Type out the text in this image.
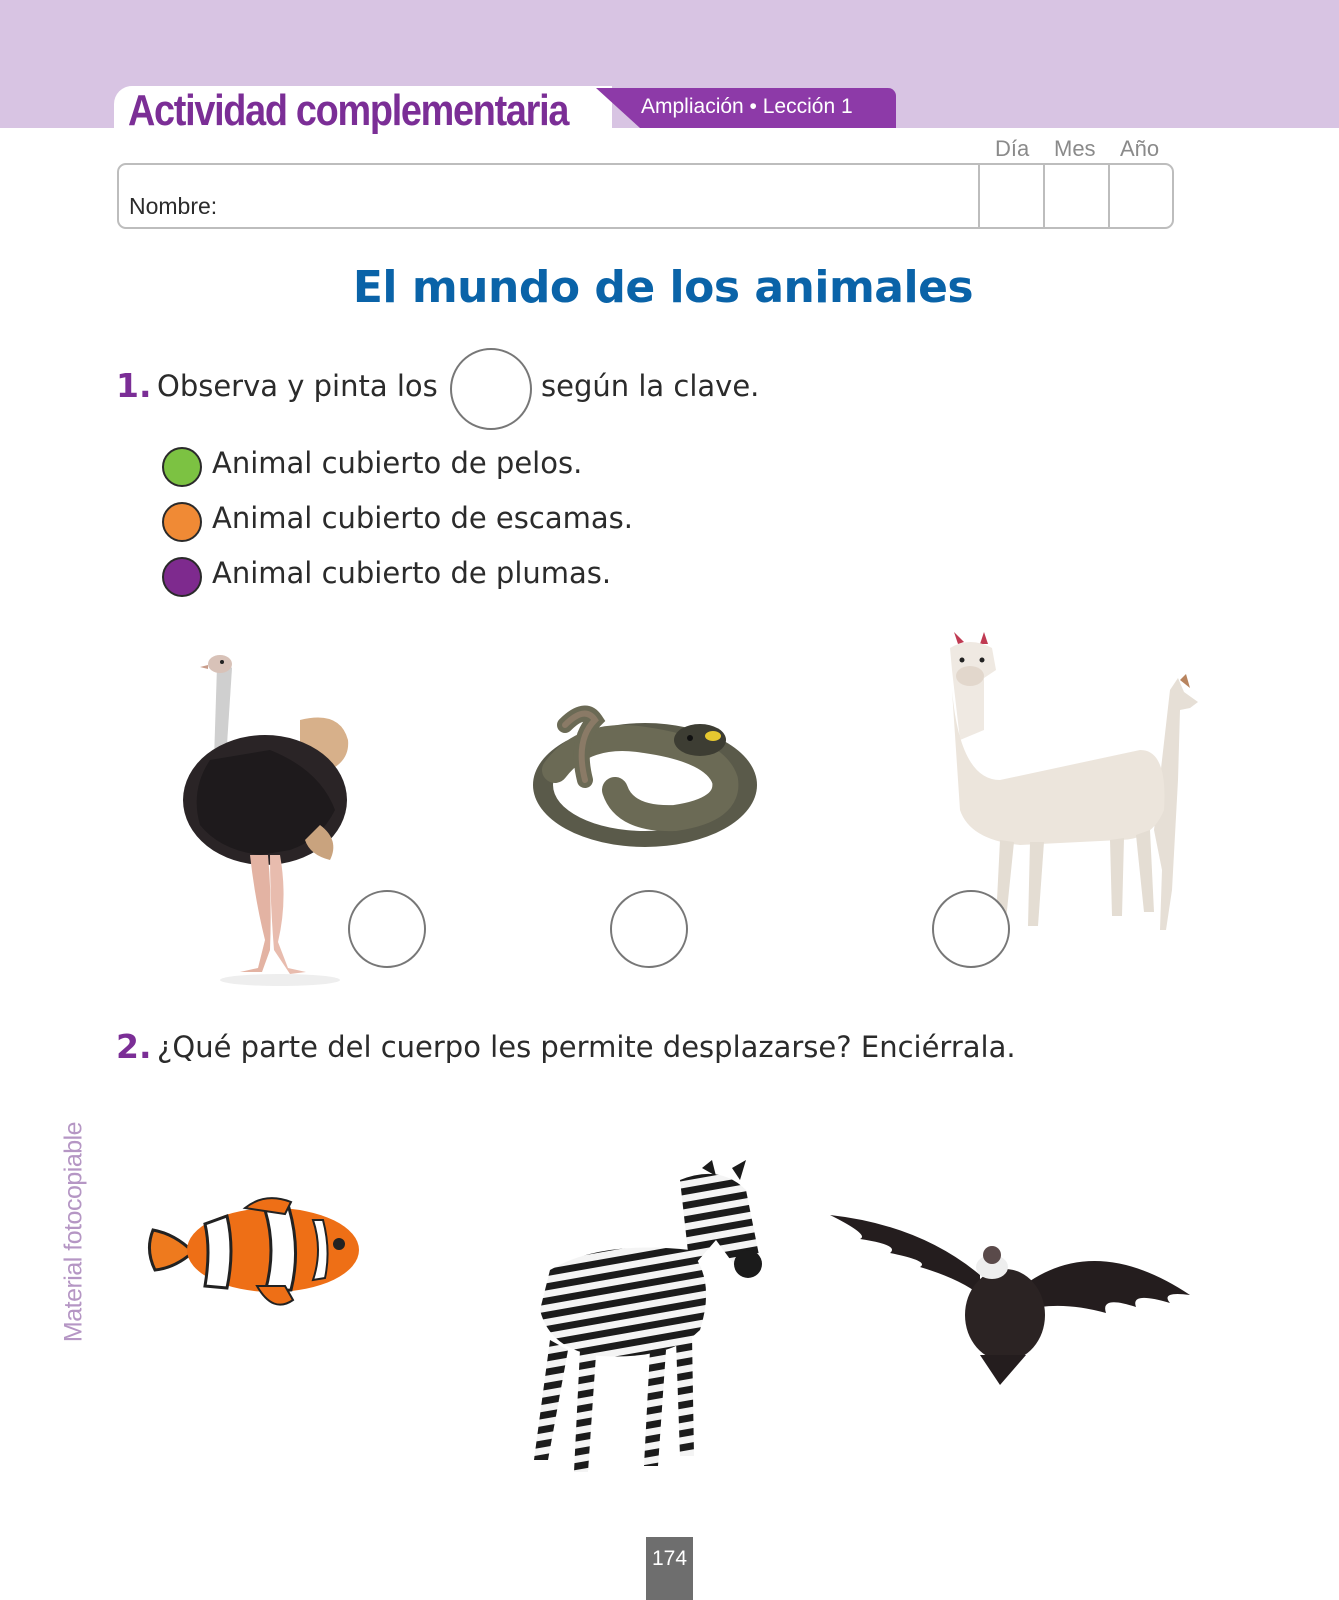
Actividad complementaria	Ampliación • Lección 1
Día Mes Año
Nombre:
El mundo de los animales
1. Observa y pinta los	según la clave.
Animal cubierto de pelos.
Animal cubierto de escamas.
Animal cubierto de plumas.
2. ¿Qué parte del cuerpo les permite desplazarse? Enciérrala.
Material fotocopiable
174
